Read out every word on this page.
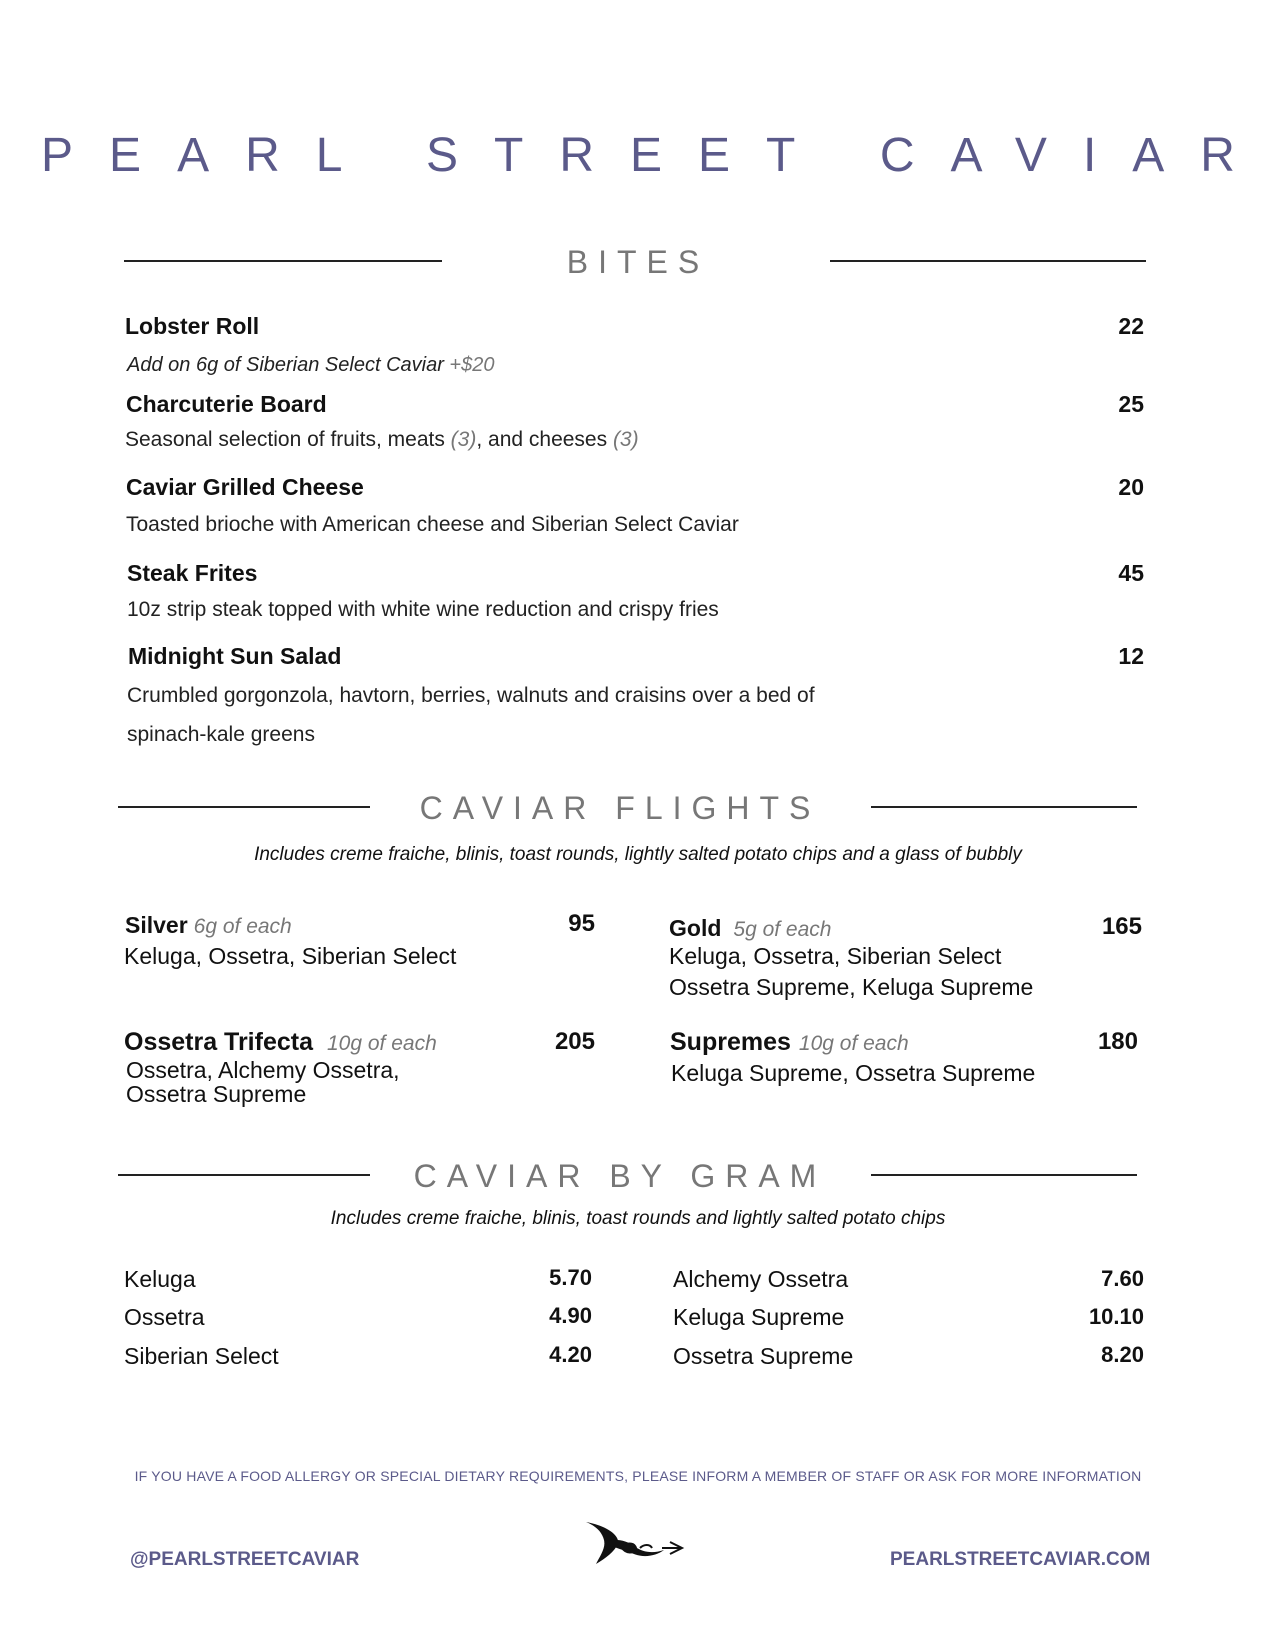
PEARL STREET CAVIAR
BITES
Lobster Roll	22
Add on 6g of Siberian Select Caviar +$20
Charcuterie Board	25
Seasonal selection of fruits, meats (3), and cheeses (3)
Caviar Grilled Cheese	20
Toasted brioche with American cheese and Siberian Select Caviar
Steak Frites	45
10z strip steak topped with white wine reduction and crispy fries
Midnight Sun Salad	12
Crumbled gorgonzola, havtorn, berries, walnuts and craisins over a bed of
spinach-kale greens
CAVIAR FLIGHTS
Includes creme fraiche, blinis, toast rounds, lightly salted potato chips and a glass of bubbly
Silver 6g of each	95
Keluga, Ossetra, Siberian Select
Gold 5g of each	165
Keluga, Ossetra, Siberian Select
Ossetra Supreme, Keluga Supreme
Ossetra Trifecta 10g of each	205
Ossetra, Alchemy Ossetra,
Ossetra Supreme
Supremes 10g of each	180
Keluga Supreme, Ossetra Supreme
CAVIAR BY GRAM
Includes creme fraiche, blinis, toast rounds and lightly salted potato chips
Keluga	5.70
Ossetra	4.90
Siberian Select	4.20
Alchemy Ossetra	7.60
Keluga Supreme	10.10
Ossetra Supreme	8.20
IF YOU HAVE A FOOD ALLERGY OR SPECIAL DIETARY REQUIREMENTS, PLEASE INFORM A MEMBER OF STAFF OR ASK FOR MORE INFORMATION
@PEARLSTREETCAVIAR	PEARLSTREETCAVIAR.COM
